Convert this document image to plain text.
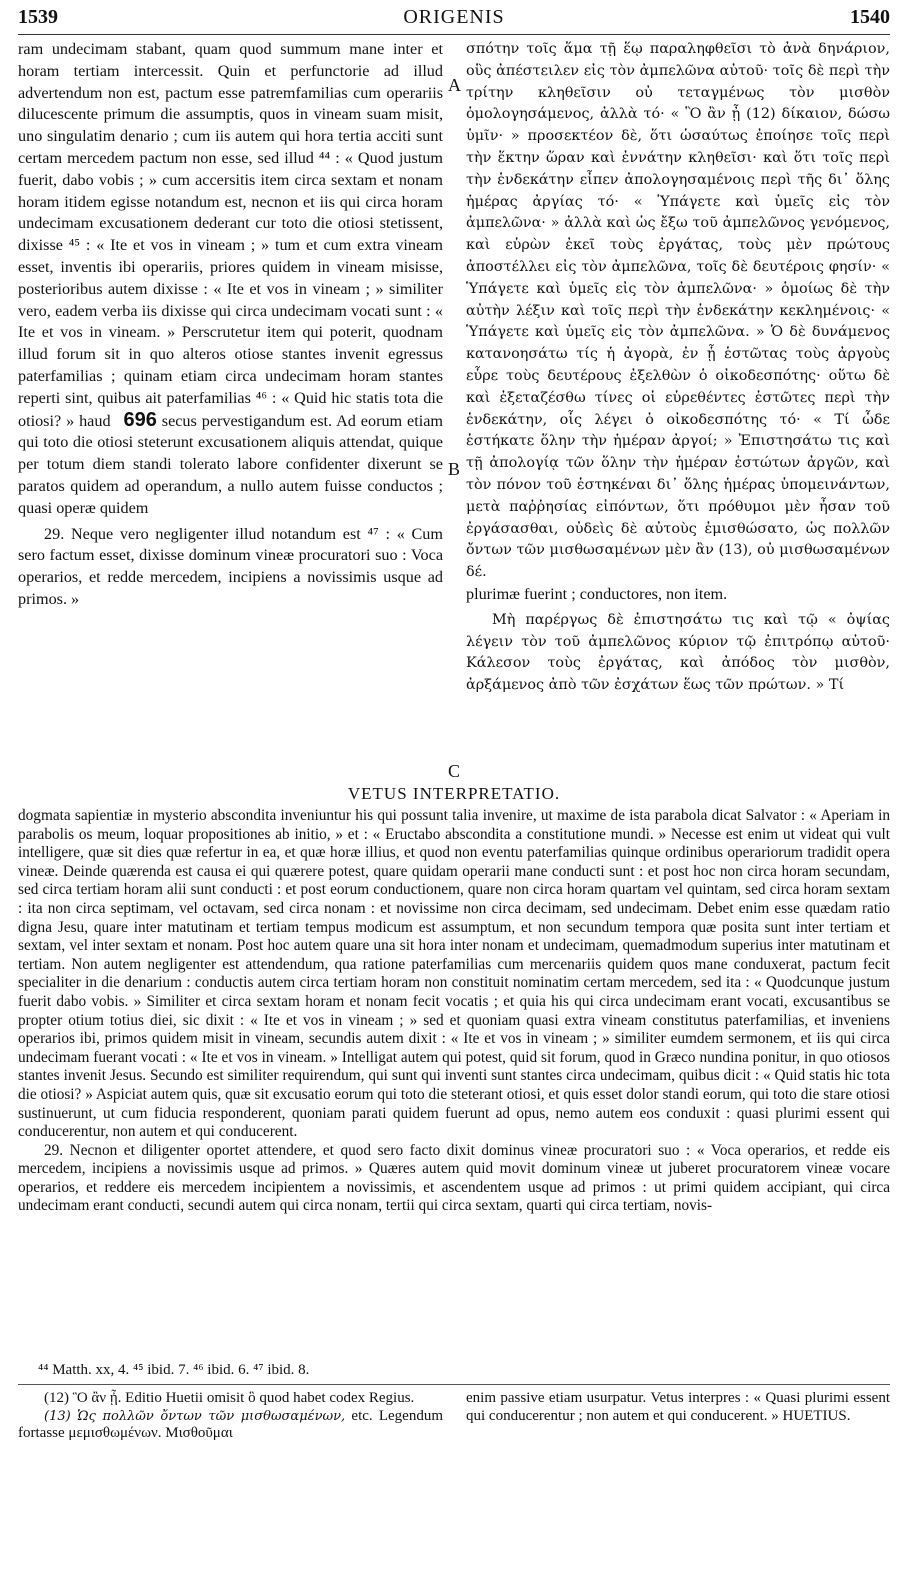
1539	ORIGENIS	1540

ram undecimam stabant, quam quod summum mane inter et horam tertiam intercessit. Quin et perfunctorie ad illud advertendum non est, pactum esse patremfamilias cum operariis dilucescente primum die assumptis, quos in vineam suam misit, uno singulatim denario ; cum iis autem qui hora tertia acciti sunt certam mercedem pactum non esse, sed illud ⁴⁴ : « Quod justum fuerit, dabo vobis ; » cum accersitis item circa sextam et nonam horam itidem egisse notandum est, necnon et iis qui circa horam undecimam excusationem dederant cur toto die otiosi stetissent, dixisse ⁴⁵ : « Ite et vos in vineam ; » tum et cum extra vineam esset, inventis ibi operariis, priores quidem in vineam misisse, posterioribus autem dixisse : « Ite et vos in vineam ; » similiter vero, eadem verba iis dixisse qui circa undecimam vocati sunt : « Ite et vos in vineam. » Perscrutetur item qui poterit, quodnam illud forum sit in quo alteros otiose stantes invenit egressus paterfamilias ; quinam etiam circa undecimam horam stantes reperti sint, quibus ait paterfamilias ⁴⁶ : « Quid hic statis tota die otiosi? » haud 696 secus pervestigandum est. Ad eorum etiam qui toto die otiosi steterunt excusationem aliquis attendat, quique per totum diem standi tolerato labore confidenter dixerunt se paratos quidem ad operandum, a nullo autem fuisse conductos ; quasi operæ quidem

29. Neque vero negligenter illud notandum est ⁴⁷ : « Cum sero factum esset, dixisse dominum vineæ procuratori suo : Voca operarios, et redde mercedem, incipiens a novissimis usque ad primos. »

A
B
C

σπότην τοῖς ἅμα τῇ ἕῳ παραληφθεῖσι τὸ ἀνὰ δηνάριον, οὓς ἀπέστειλεν εἰς τὸν ἀμπελῶνα αὐτοῦ· τοῖς δὲ περὶ τὴν τρίτην κληθεῖσιν οὐ τεταγμένως τὸν μισθὸν ὁμολογησάμενος, ἀλλὰ τό· « Ὃ ἂν ᾖ (12) δίκαιον, δώσω ὑμῖν· » προσεκτέον δὲ, ὅτι ὡσαύτως ἐποίησε τοῖς περὶ τὴν ἕκτην ὥραν καὶ ἐννάτην κληθεῖσι· καὶ ὅτι τοῖς περὶ τὴν ἑνδεκάτην εἶπεν ἀπολογησαμένοις περὶ τῆς δι᾽ ὅλης ἡμέρας ἀργίας τό· « Ὑπάγετε καὶ ὑμεῖς εἰς τὸν ἀμπελῶνα· » ἀλλὰ καὶ ὡς ἔξω τοῦ ἀμπελῶνος γενόμενος, καὶ εὑρὼν ἐκεῖ τοὺς ἐργάτας, τοὺς μὲν πρώτους ἀποστέλλει εἰς τὸν ἀμπελῶνα, τοῖς δὲ δευτέροις φησίν· « Ὑπάγετε καὶ ὑμεῖς εἰς τὸν ἀμπελῶνα· » ὁμοίως δὲ τὴν αὐτὴν λέξιν καὶ τοῖς περὶ τὴν ἑνδεκάτην κεκλημένοις· « Ὑπάγετε καὶ ὑμεῖς εἰς τὸν ἀμπελῶνα. » Ὁ δὲ δυνάμενος κατανοησάτω τίς ἡ ἀγορὰ, ἐν ᾗ ἑστῶτας τοὺς ἀργοὺς εὗρε τοὺς δευτέρους ἐξελθὼν ὁ οἰκοδεσπότης· οὕτω δὲ καὶ ἐξεταζέσθω τίνες οἱ εὑρεθέντες ἑστῶτες περὶ τὴν ἑνδεκάτην, οἷς λέγει ὁ οἰκοδεσπότης τό· « Τί ὧδε ἑστήκατε ὅλην τὴν ἡμέραν ἀργοί; » Ἐπιστησάτω τις καὶ τῇ ἀπολογίᾳ τῶν ὅλην τὴν ἡμέραν ἑστώτων ἀργῶν, καὶ τὸν πόνον τοῦ ἑστηκέναι δι᾽ ὅλης ἡμέρας ὑπομεινάντων, μετὰ παῤῥησίας εἰπόντων, ὅτι πρόθυμοι μὲν ἦσαν τοῦ ἐργάσασθαι, οὐδεὶς δὲ αὐτοὺς ἐμισθώσατο, ὡς πολλῶν ὄντων τῶν μισθωσαμένων μὲν ἂν (13), οὐ μισθωσαμένων δέ.

plurimæ fuerint ; conductores, non item.

Μὴ παρέργως δὲ ἐπιστησάτω τις καὶ τῷ « ὀψίας λέγειν τὸν τοῦ ἀμπελῶνος κύριον τῷ ἐπιτρόπῳ αὐτοῦ· Κάλεσον τοὺς ἐργάτας, καὶ ἀπόδος τὸν μισθὸν, ἀρξάμενος ἀπὸ τῶν ἐσχάτων ἕως τῶν πρώτων. » Τί

VETUS INTERPRETATIO.

dogmata sapientiæ in mysterio abscondita inveniuntur his qui possunt talia invenire, ut maxime de ista parabola dicat Salvator : « Aperiam in parabolis os meum, loquar propositiones ab initio, » et : « Eructabo abscondita a constitutione mundi. » Necesse est enim ut videat qui vult intelligere, quæ sit dies quæ refertur in ea, et quæ horæ illius, et quod non eventu paterfamilias quinque ordinibus operariorum tradidit opera vineæ. Deinde quærenda est causa ei qui quærere potest, quare quidam operarii mane conducti sunt : et post hoc non circa horam secundam, sed circa tertiam horam alii sunt conducti : et post eorum conductionem, quare non circa horam quartam vel quintam, sed circa horam sextam : ita non circa septimam, vel octavam, sed circa nonam : et novissime non circa decimam, sed undecimam. Debet enim esse quædam ratio digna Jesu, quare inter matutinam et tertiam tempus modicum est assumptum, et non secundum tempora quæ posita sunt inter tertiam et sextam, vel inter sextam et nonam. Post hoc autem quare una sit hora inter nonam et undecimam, quemadmodum superius inter matutinam et tertiam. Non autem negligenter est attendendum, qua ratione paterfamilias cum mercenariis quidem quos mane conduxerat, pactum fecit specialiter in die denarium : conductis autem circa tertiam horam non constituit nominatim certam mercedem, sed ita : « Quodcunque justum fuerit dabo vobis. » Similiter et circa sextam horam et nonam fecit vocatis ; et quia his qui circa undecimam erant vocati, excusantibus se propter otium totius diei, sic dixit : « Ite et vos in vineam ; » sed et quoniam quasi extra vineam constitutus paterfamilias, et inveniens operarios ibi, primos quidem misit in vineam, secundis autem dixit : « Ite et vos in vineam ; » similiter eumdem sermonem, et iis qui circa undecimam fuerant vocati : « Ite et vos in vineam. » Intelligat autem qui potest, quid sit forum, quod in Græco nundina ponitur, in quo otiosos stantes invenit Jesus. Secundo est similiter requirendum, qui sunt qui inventi sunt stantes circa undecimam, quibus dicit : « Quid statis hic tota die otiosi? » Aspiciat autem quis, quæ sit excusatio eorum qui toto die steterant otiosi, et quis esset dolor standi eorum, qui toto die stare otiosi sustinuerunt, ut cum fiducia responderent, quoniam parati quidem fuerunt ad opus, nemo autem eos conduxit : quasi plurimi essent qui conducerentur, non autem et qui conducerent.

29. Necnon et diligenter oportet attendere, et quod sero facto dixit dominus vineæ procuratori suo : « Voca operarios, et redde eis mercedem, incipiens a novissimis usque ad primos. » Quæres autem quid movit dominum vineæ ut juberet procuratorem vineæ vocare operarios, et reddere eis mercedem incipientem a novissimis, et ascendentem usque ad primos : ut primi quidem accipiant, qui circa undecimam erant conducti, secundi autem qui circa nonam, tertii qui circa sextam, quarti qui circa tertiam, novis-

⁴⁴ Matth. xx, 4. ⁴⁵ ibid. 7. ⁴⁶ ibid. 6. ⁴⁷ ibid. 8.

(12) Ὃ ἂν ᾖ. Editio Huetii omisit ὃ quod habet codex Regius.

(13) Ὡς πολλῶν ὄντων τῶν μισθωσαμένων, etc. Legendum fortasse μεμισθωμένων. Μισθοῦμαι

enim passive etiam usurpatur. Vetus interpres : « Quasi plurimi essent qui conducerentur ; non autem et qui conducerent. » HUETIUS.
